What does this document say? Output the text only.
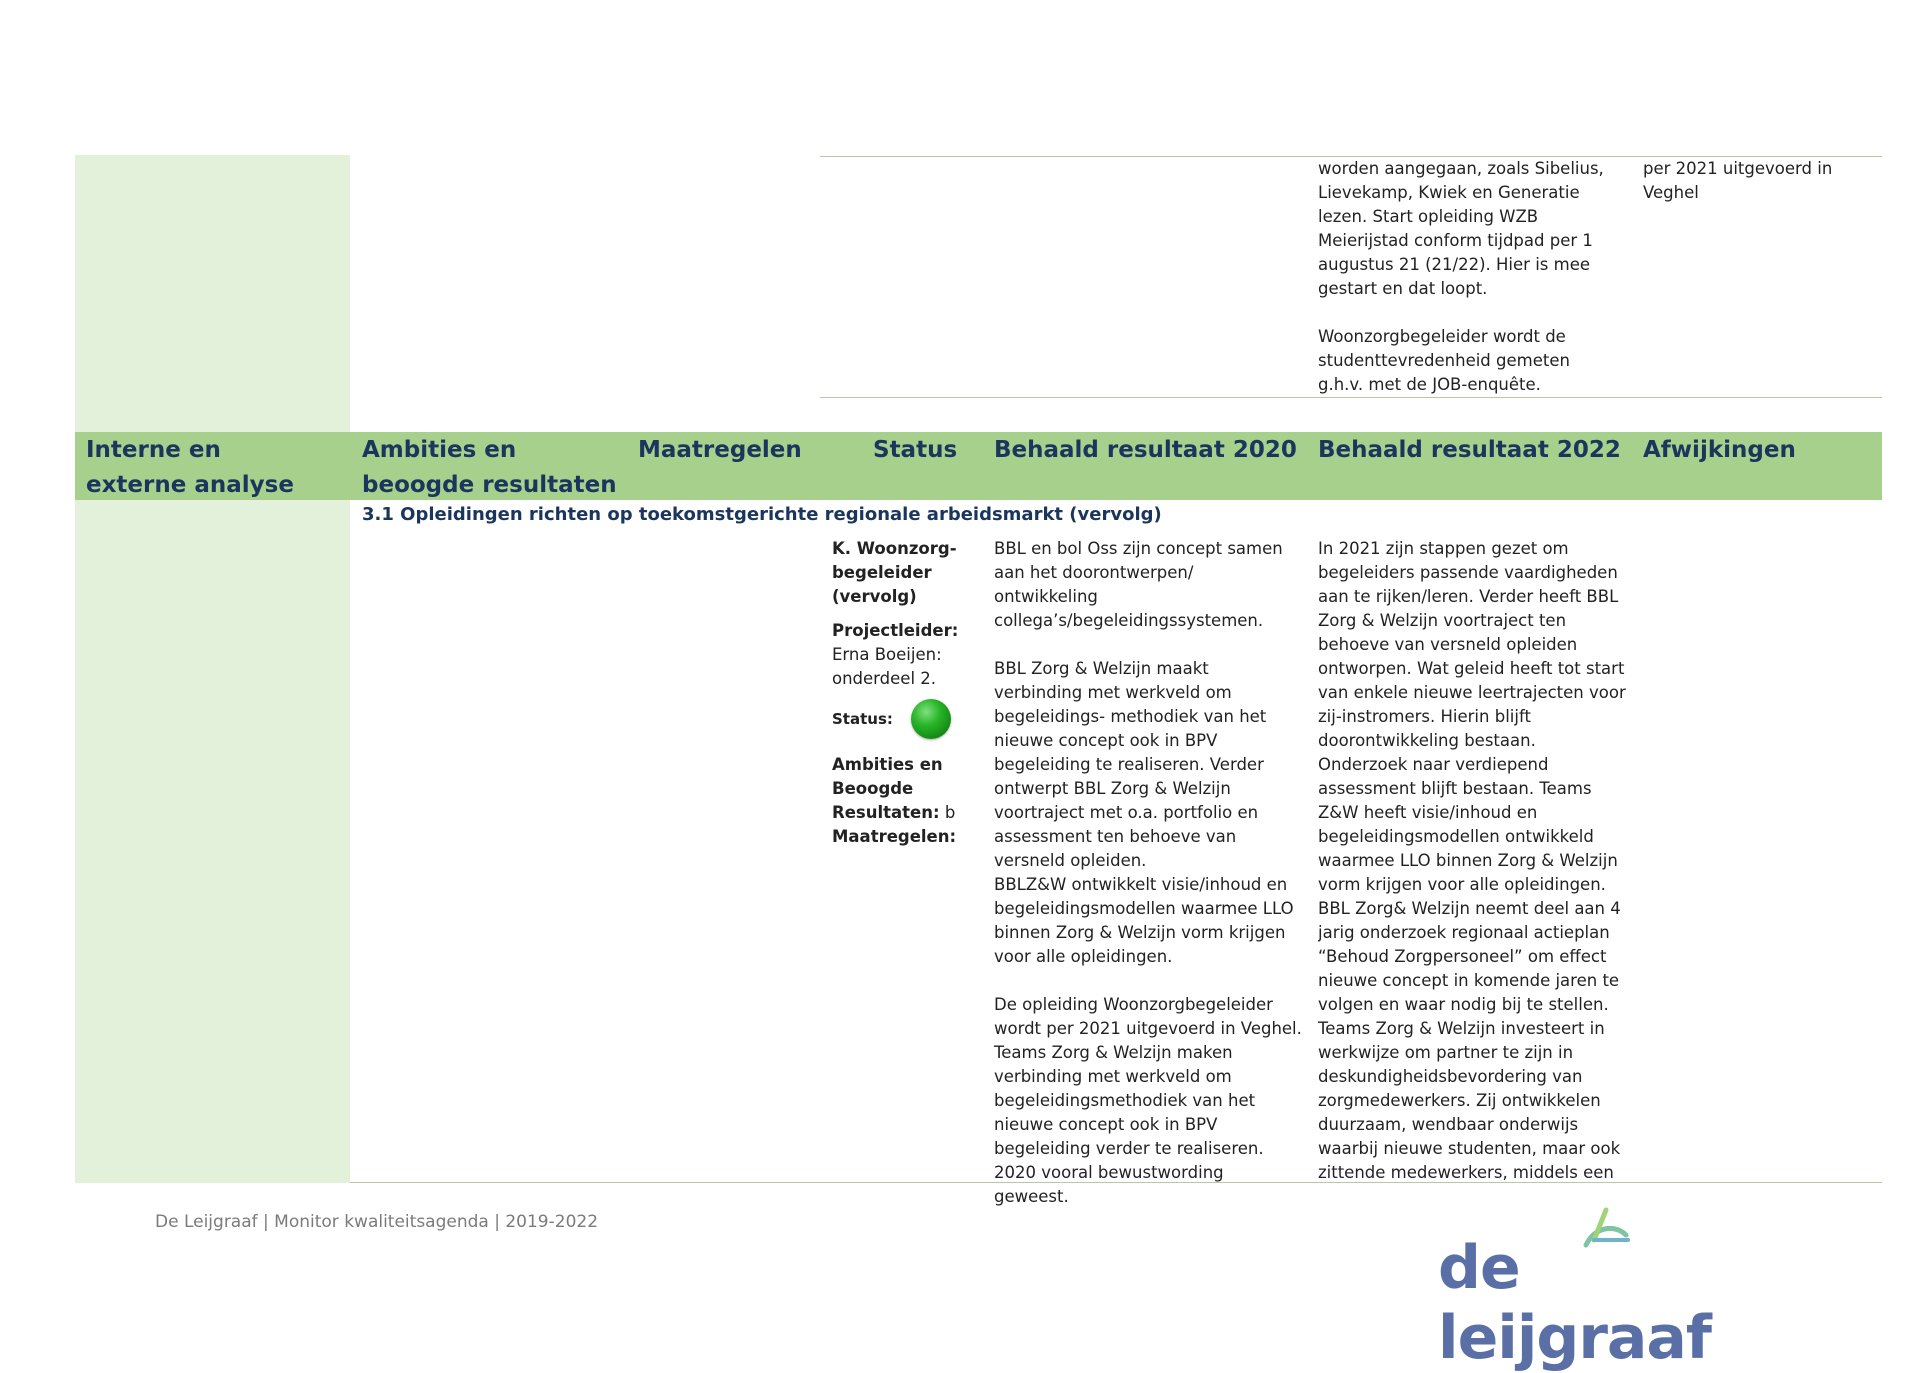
worden aangegaan, zoals Sibelius, Lievekamp, Kwiek en Generatie lezen. Start opleiding WZB Meierijstad conform tijdpad per 1 augustus 21 (21/22). Hier is mee gestart en dat loopt.

Woonzorgbegeleider wordt de studenttevredenheid gemeten g.h.v. met de JOB-enquête.
per 2021 uitgevoerd in Veghel
Interne en externe analyse
Ambities en beoogde resultaten
Maatregelen	Status	Behaald resultaat 2020 Behaald resultaat 2022 Afwijkingen
3.1 Opleidingen richten op toekomstgerichte regionale arbeidsmarkt (vervolg)
K. Woonzorg-
begeleider
(vervolg)
Projectleider:
Erna Boeijen:
onderdeel 2.
Status:
Ambities en
Beoogde
Resultaten: b
Maatregelen:
BBL en bol Oss zijn concept samen aan het doorontwerpen/ ontwikkeling collega’s/begeleidingssystemen.

BBL Zorg & Welzijn maakt verbinding met werkveld om begeleidings- methodiek van het nieuwe concept ook in BPV begeleiding te realiseren. Verder ontwerpt BBL Zorg & Welzijn voortraject met o.a. portfolio en assessment ten behoeve van versneld opleiden.
BBLZ&W ontwikkelt visie/inhoud en begeleidingsmodellen waarmee LLO binnen Zorg & Welzijn vorm krijgen voor alle opleidingen.

De opleiding Woonzorgbegeleider wordt per 2021 uitgevoerd in Veghel. Teams Zorg & Welzijn maken verbinding met werkveld om begeleidingsmethodiek van het nieuwe concept ook in BPV begeleiding verder te realiseren. 2020 vooral bewustwording geweest.
In 2021 zijn stappen gezet om begeleiders passende vaardigheden aan te rijken/leren. Verder heeft BBL Zorg & Welzijn voortraject ten behoeve van versneld opleiden ontworpen. Wat geleid heeft tot start van enkele nieuwe leertrajecten voor zij-instromers. Hierin blijft doorontwikkeling bestaan. Onderzoek naar verdiepend assessment blijft bestaan. Teams Z&W heeft visie/inhoud en begeleidingsmodellen ontwikkeld waarmee LLO binnen Zorg & Welzijn vorm krijgen voor alle opleidingen. BBL Zorg& Welzijn neemt deel aan 4 jarig onderzoek regionaal actieplan “Behoud Zorgpersoneel” om effect nieuwe concept in komende jaren te volgen en waar nodig bij te stellen. Teams Zorg & Welzijn investeert in werkwijze om partner te zijn in deskundigheidsbevordering van zorgmedewerkers. Zij ontwikkelen duurzaam, wendbaar onderwijs waarbij nieuwe studenten, maar ook zittende medewerkers, middels een
De Leijgraaf | Monitor kwaliteitsagenda | 2019-2022
de leijgraaf
